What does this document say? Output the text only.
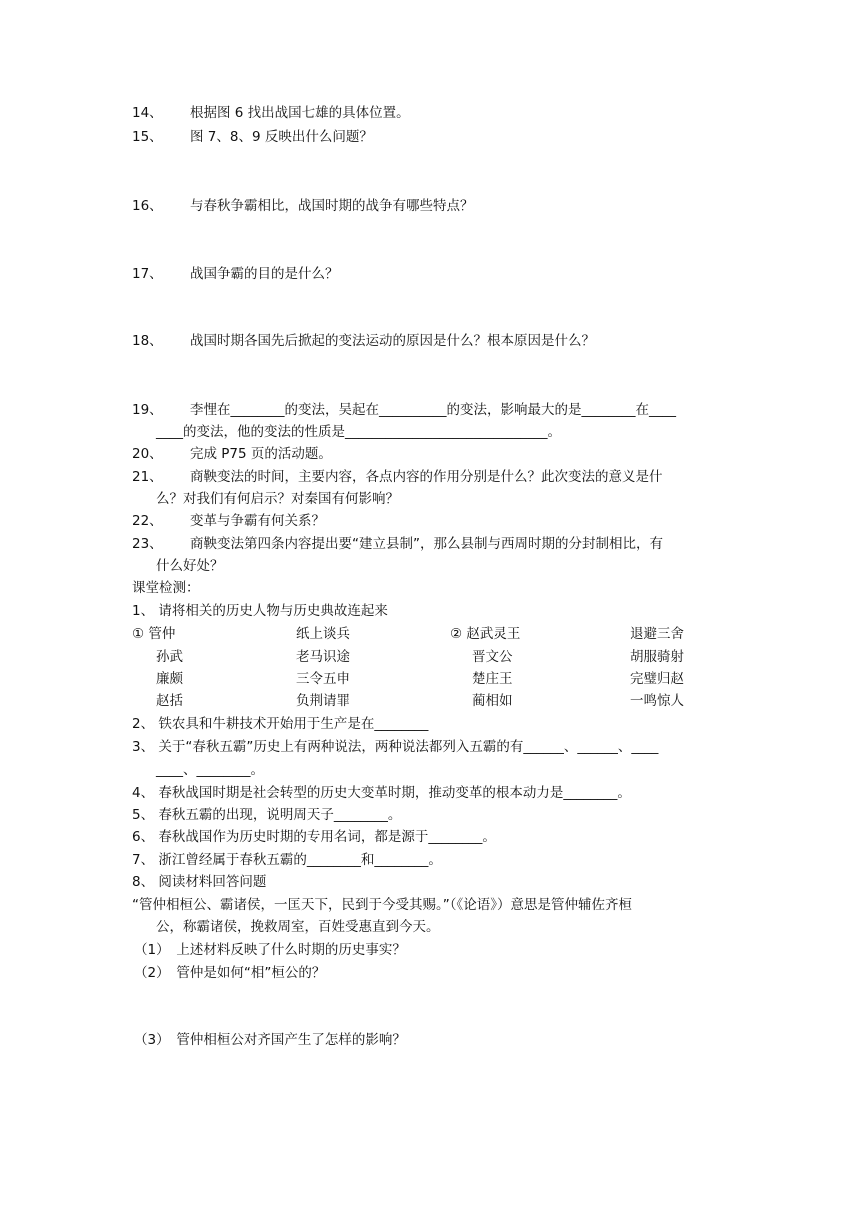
14、 根据图 6 找出战国七雄的具体位置。
15、 图 7、8、9 反映出什么问题？
16、 与春秋争霸相比，战国时期的战争有哪些特点？
17、 战国争霸的目的是什么？
18、 战国时期各国先后掀起的变法运动的原因是什么？根本原因是什么？
19、 李悝在________的变法，吴起在__________的变法，影响最大的是________在____
____的变法，他的变法的性质是______________________________。
20、 完成 P75 页的活动题。
21、 商鞅变法的时间，主要内容，各点内容的作用分别是什么？此次变法的意义是什
么？对我们有何启示？对秦国有何影响？
22、 变革与争霸有何关系？
23、 商鞅变法第四条内容提出要“建立县制”，那么县制与西周时期的分封制相比，有
什么好处？
课堂检测：
1、 请将相关的历史人物与历史典故连起来
① 管仲	纸上谈兵	② 赵武灵王	退避三舍
孙武	老马识途	晋文公	胡服骑射
廉颇	三令五申	楚庄王	完璧归赵
赵括	负荆请罪	蔺相如	一鸣惊人
2、 铁农具和牛耕技术开始用于生产是在________
3、 关于“春秋五霸”历史上有两种说法，两种说法都列入五霸的有______、______、____
____、________。
4、 春秋战国时期是社会转型的历史大变革时期，推动变革的根本动力是________。
5、 春秋五霸的出现，说明周天子________。
6、 春秋战国作为历史时期的专用名词，都是源于________。
7、 浙江曾经属于春秋五霸的________和________。
8、 阅读材料回答问题
“管仲相桓公、霸诸侯，一匡天下，民到于今受其赐。”（《论语》）意思是管仲辅佐齐桓
公，称霸诸侯，挽救周室，百姓受惠直到今天。
（1）　上述材料反映了什么时期的历史事实？
（2）　管仲是如何“相”桓公的？
（3）　管仲相桓公对齐国产生了怎样的影响？
